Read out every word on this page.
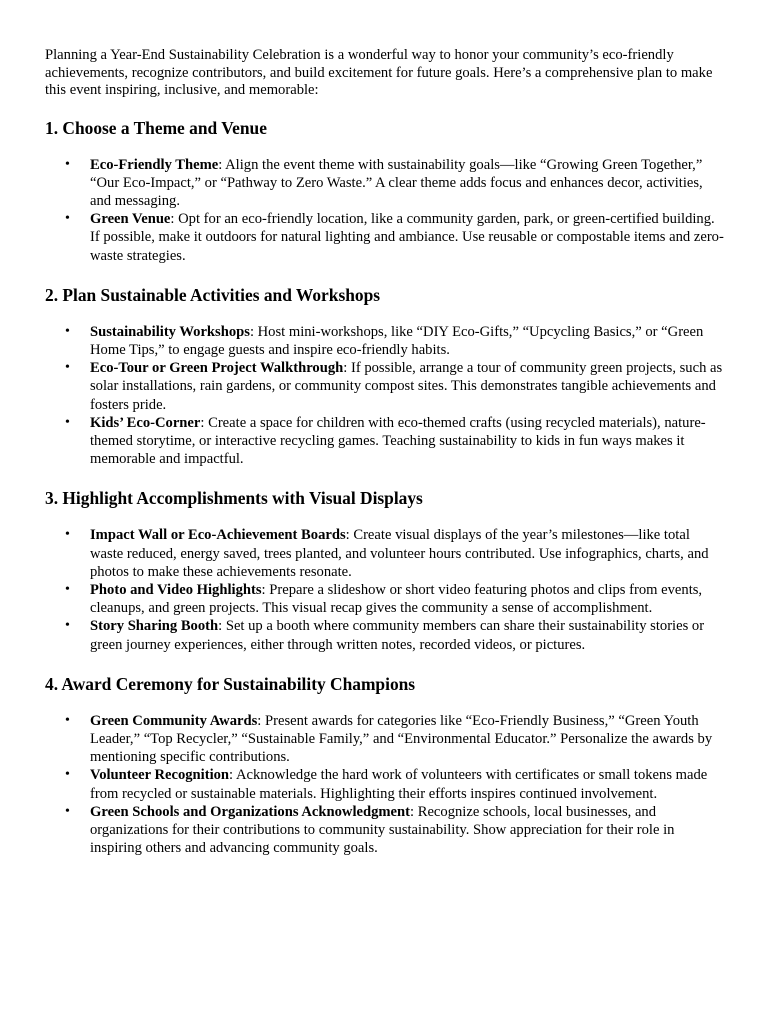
Planning a Year-End Sustainability Celebration is a wonderful way to honor your community’s eco-friendly achievements, recognize contributors, and build excitement for future goals. Here’s a comprehensive plan to make this event inspiring, inclusive, and memorable:

1. Choose a Theme and Venue
• Eco-Friendly Theme: Align the event theme with sustainability goals—like “Growing Green Together,” “Our Eco-Impact,” or “Pathway to Zero Waste.” A clear theme adds focus and enhances decor, activities, and messaging.
• Green Venue: Opt for an eco-friendly location, like a community garden, park, or green-certified building. If possible, make it outdoors for natural lighting and ambiance. Use reusable or compostable items and zero-waste strategies.
2. Plan Sustainable Activities and Workshops
• Sustainability Workshops: Host mini-workshops, like “DIY Eco-Gifts,” “Upcycling Basics,” or “Green Home Tips,” to engage guests and inspire eco-friendly habits.
• Eco-Tour or Green Project Walkthrough: If possible, arrange a tour of community green projects, such as solar installations, rain gardens, or community compost sites. This demonstrates tangible achievements and fosters pride.
• Kids’ Eco-Corner: Create a space for children with eco-themed crafts (using recycled materials), nature-themed storytime, or interactive recycling games. Teaching sustainability to kids in fun ways makes it memorable and impactful.
3. Highlight Accomplishments with Visual Displays
• Impact Wall or Eco-Achievement Boards: Create visual displays of the year’s milestones—like total waste reduced, energy saved, trees planted, and volunteer hours contributed. Use infographics, charts, and photos to make these achievements resonate.
• Photo and Video Highlights: Prepare a slideshow or short video featuring photos and clips from events, cleanups, and green projects. This visual recap gives the community a sense of accomplishment.
• Story Sharing Booth: Set up a booth where community members can share their sustainability stories or green journey experiences, either through written notes, recorded videos, or pictures.
4. Award Ceremony for Sustainability Champions
• Green Community Awards: Present awards for categories like “Eco-Friendly Business,” “Green Youth Leader,” “Top Recycler,” “Sustainable Family,” and “Environmental Educator.” Personalize the awards by mentioning specific contributions.
• Volunteer Recognition: Acknowledge the hard work of volunteers with certificates or small tokens made from recycled or sustainable materials. Highlighting their efforts inspires continued involvement.
• Green Schools and Organizations Acknowledgment: Recognize schools, local businesses, and organizations for their contributions to community sustainability. Show appreciation for their role in inspiring others and advancing community goals.
